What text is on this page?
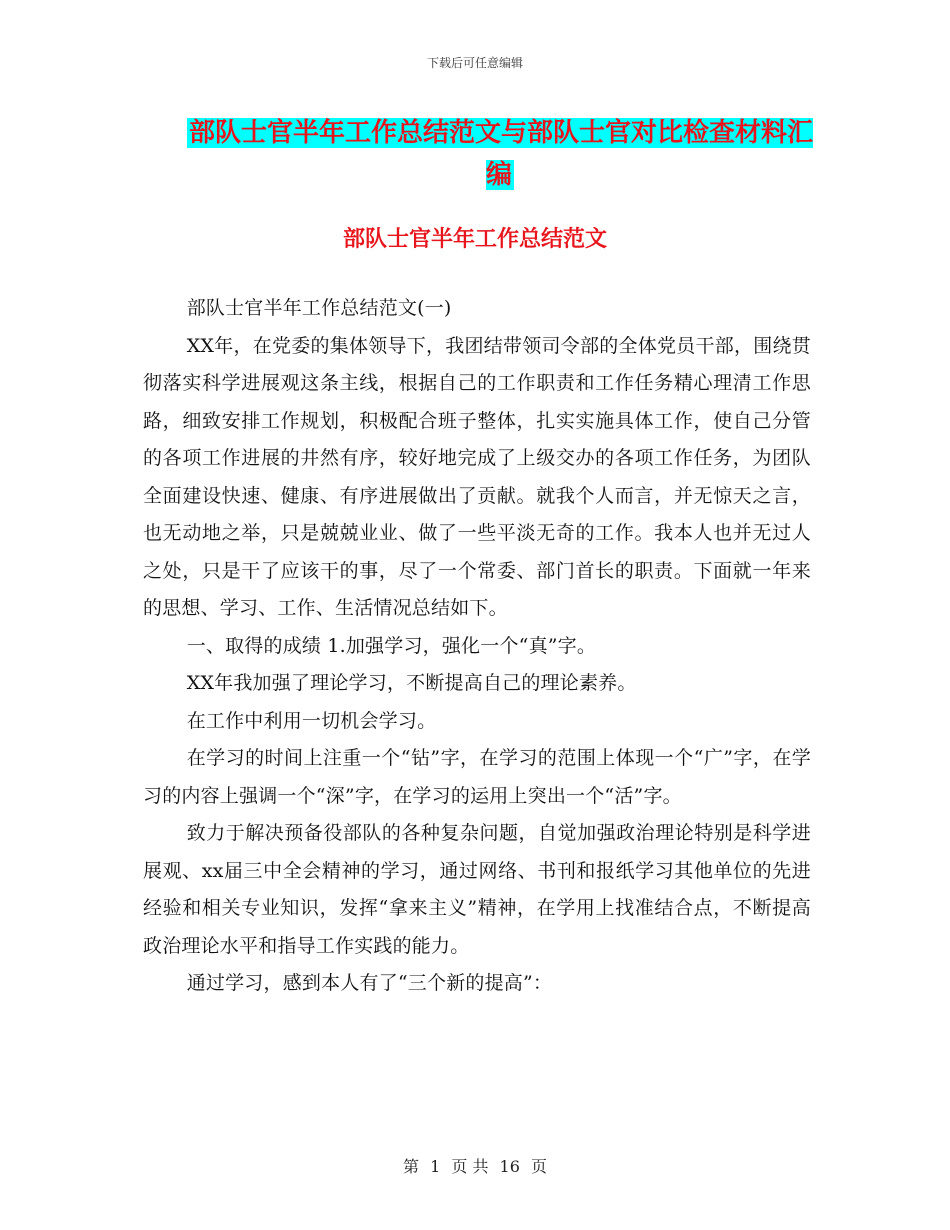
下载后可任意编辑
部队士官半年工作总结范文与部队士官对比检查材料汇编
部队士官半年工作总结范文

部队士官半年工作总结范文(一)

XX年，在党委的集体领导下，我团结带领司令部的全体党员干部，围绕贯彻落实科学进展观这条主线，根据自己的工作职责和工作任务精心理清工作思路，细致安排工作规划，积极配合班子整体，扎实实施具体工作，使自己分管的各项工作进展的井然有序，较好地完成了上级交办的各项工作任务，为团队全面建设快速、健康、有序进展做出了贡献。就我个人而言，并无惊天之言，也无动地之举，只是兢兢业业、做了一些平淡无奇的工作。我本人也并无过人之处，只是干了应该干的事，尽了一个常委、部门首长的职责。下面就一年来的思想、学习、工作、生活情况总结如下。

一、取得的成绩 1.加强学习，强化一个“真”字。

XX年我加强了理论学习，不断提高自己的理论素养。

在工作中利用一切机会学习。

在学习的时间上注重一个“钻”字，在学习的范围上体现一个“广”字，在学习的内容上强调一个“深”字，在学习的运用上突出一个“活”字。

致力于解决预备役部队的各种复杂问题，自觉加强政治理论特别是科学进展观、xx届三中全会精神的学习，通过网络、书刊和报纸学习其他单位的先进经验和相关专业知识，发挥“拿来主义”精神，在学用上找准结合点，不断提高政治理论水平和指导工作实践的能力。

通过学习，感到本人有了“三个新的提高”：

第 1 页 共 16 页
